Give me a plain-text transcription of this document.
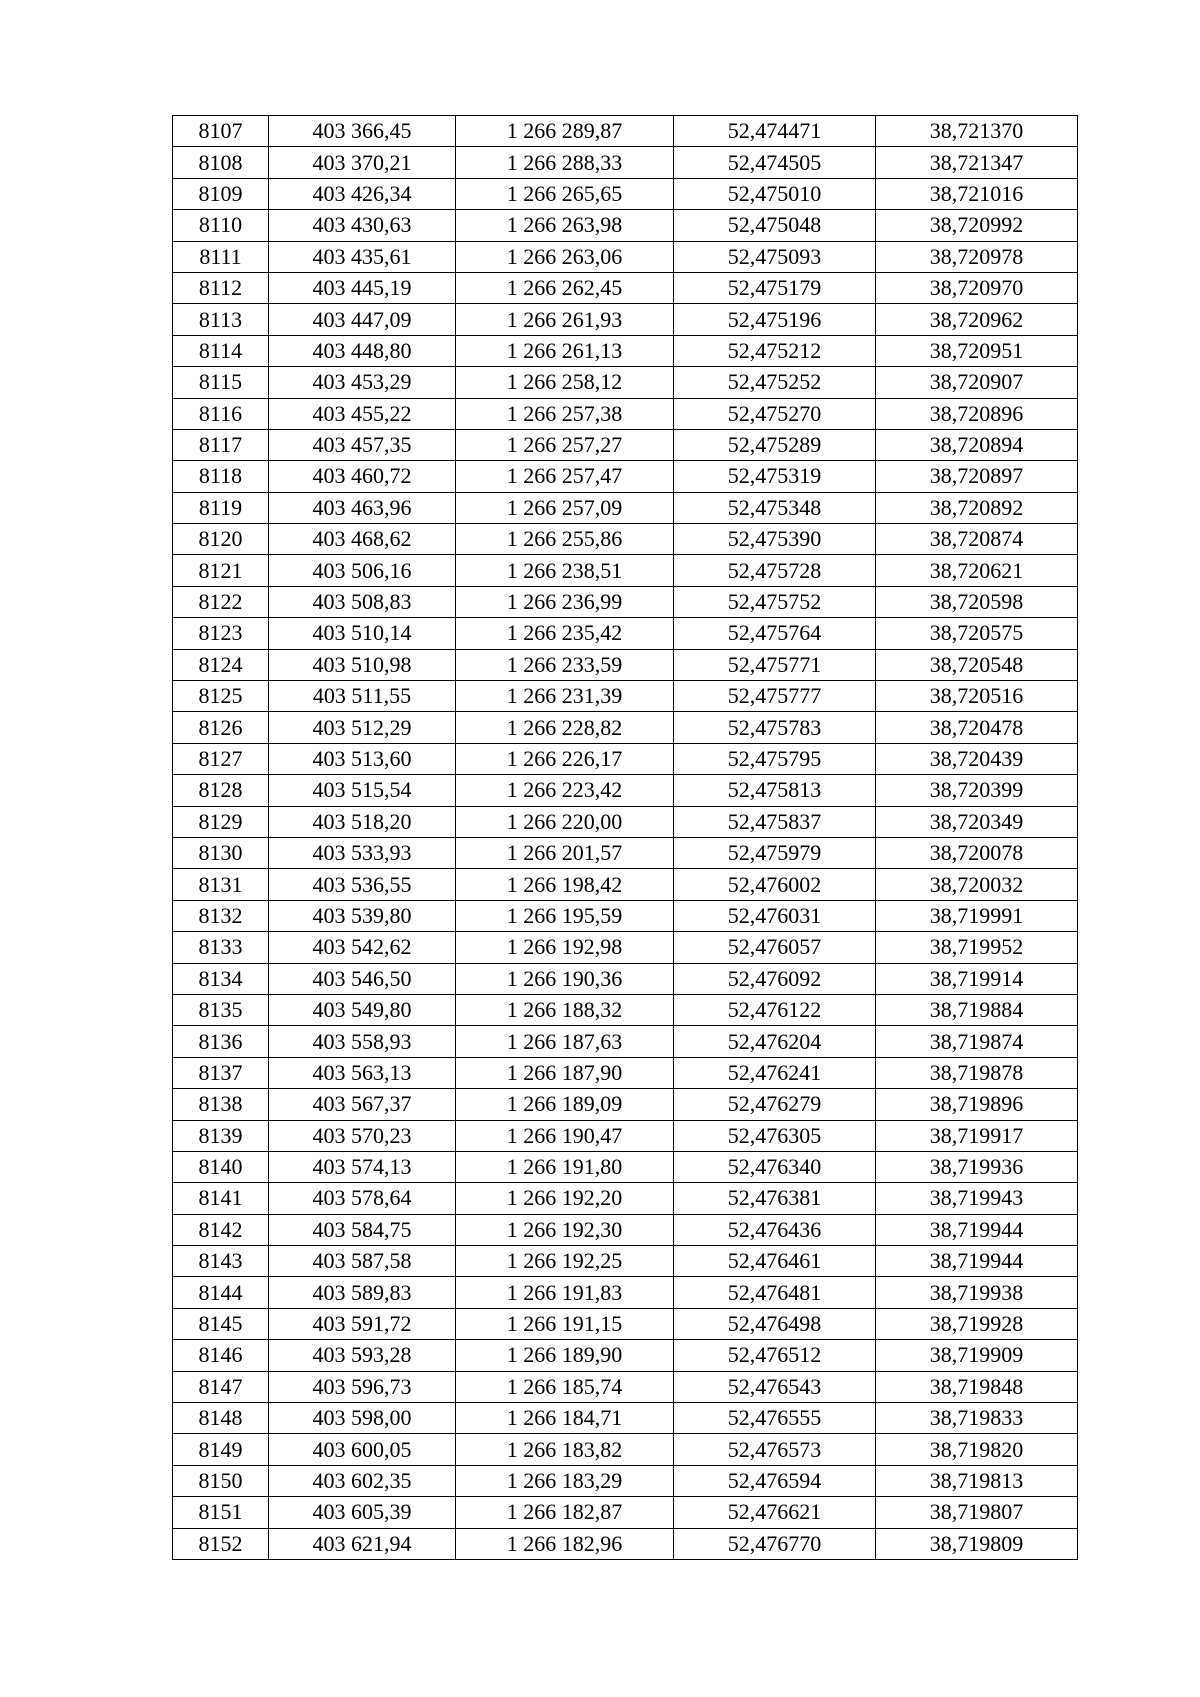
8107	403 366,45	1 266 289,87	52,474471	38,721370
8108	403 370,21	1 266 288,33	52,474505	38,721347
8109	403 426,34	1 266 265,65	52,475010	38,721016
8110	403 430,63	1 266 263,98	52,475048	38,720992
8111	403 435,61	1 266 263,06	52,475093	38,720978
8112	403 445,19	1 266 262,45	52,475179	38,720970
8113	403 447,09	1 266 261,93	52,475196	38,720962
8114	403 448,80	1 266 261,13	52,475212	38,720951
8115	403 453,29	1 266 258,12	52,475252	38,720907
8116	403 455,22	1 266 257,38	52,475270	38,720896
8117	403 457,35	1 266 257,27	52,475289	38,720894
8118	403 460,72	1 266 257,47	52,475319	38,720897
8119	403 463,96	1 266 257,09	52,475348	38,720892
8120	403 468,62	1 266 255,86	52,475390	38,720874
8121	403 506,16	1 266 238,51	52,475728	38,720621
8122	403 508,83	1 266 236,99	52,475752	38,720598
8123	403 510,14	1 266 235,42	52,475764	38,720575
8124	403 510,98	1 266 233,59	52,475771	38,720548
8125	403 511,55	1 266 231,39	52,475777	38,720516
8126	403 512,29	1 266 228,82	52,475783	38,720478
8127	403 513,60	1 266 226,17	52,475795	38,720439
8128	403 515,54	1 266 223,42	52,475813	38,720399
8129	403 518,20	1 266 220,00	52,475837	38,720349
8130	403 533,93	1 266 201,57	52,475979	38,720078
8131	403 536,55	1 266 198,42	52,476002	38,720032
8132	403 539,80	1 266 195,59	52,476031	38,719991
8133	403 542,62	1 266 192,98	52,476057	38,719952
8134	403 546,50	1 266 190,36	52,476092	38,719914
8135	403 549,80	1 266 188,32	52,476122	38,719884
8136	403 558,93	1 266 187,63	52,476204	38,719874
8137	403 563,13	1 266 187,90	52,476241	38,719878
8138	403 567,37	1 266 189,09	52,476279	38,719896
8139	403 570,23	1 266 190,47	52,476305	38,719917
8140	403 574,13	1 266 191,80	52,476340	38,719936
8141	403 578,64	1 266 192,20	52,476381	38,719943
8142	403 584,75	1 266 192,30	52,476436	38,719944
8143	403 587,58	1 266 192,25	52,476461	38,719944
8144	403 589,83	1 266 191,83	52,476481	38,719938
8145	403 591,72	1 266 191,15	52,476498	38,719928
8146	403 593,28	1 266 189,90	52,476512	38,719909
8147	403 596,73	1 266 185,74	52,476543	38,719848
8148	403 598,00	1 266 184,71	52,476555	38,719833
8149	403 600,05	1 266 183,82	52,476573	38,719820
8150	403 602,35	1 266 183,29	52,476594	38,719813
8151	403 605,39	1 266 182,87	52,476621	38,719807
8152	403 621,94	1 266 182,96	52,476770	38,719809
